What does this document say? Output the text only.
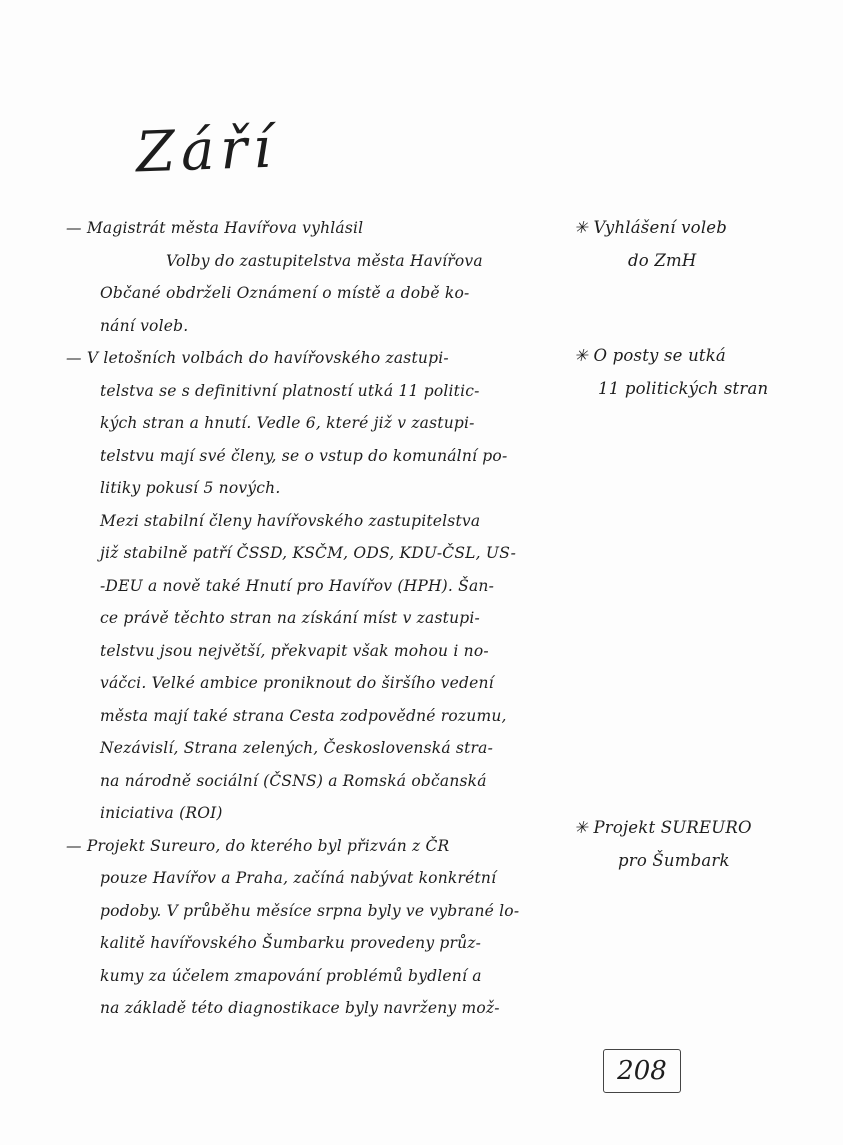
Září
— Magistrát města Havířova vyhlásil
Volby do zastupitelstva města Havířova
Občané obdrželi Oznámení o místě a době ko-
nání voleb.
— V letošních volbách do havířovského zastupi-
telstva se s definitivní platností utká 11 politic-
kých stran a hnutí. Vedle 6, které již v zastupi-
telstvu mají své členy, se o vstup do komunální po-
litiky pokusí 5 nových.
Mezi stabilní členy havířovského zastupitelstva
již stabilně patří ČSSD, KSČM, ODS, KDU-ČSL, US-
-DEU a nově také Hnutí pro Havířov (HPH). Šan-
ce právě těchto stran na získání míst v zastupi-
telstvu jsou největší, překvapit však mohou i no-
váčci. Velké ambice proniknout do širšího vedení
města mají také strana Cesta zodpovědné rozumu,
Nezávislí, Strana zelených, Československá stra-
na národně sociální (ČSNS) a Romská občanská
iniciativa (ROI)
— Projekt Sureuro, do kterého byl přizván z ČR
pouze Havířov a Praha, začíná nabývat konkrétní
podoby. V průběhu měsíce srpna byly ve vybrané lo-
kalitě havířovského Šumbarku provedeny průz-
kumy za účelem zmapování problémů bydlení a
na základě této diagnostikace byly navrženy mož-
✳ Vyhlášení voleb
do ZmH
✳ O posty se utká
11 politických stran
✳ Projekt SUREURO
pro Šumbark
208
